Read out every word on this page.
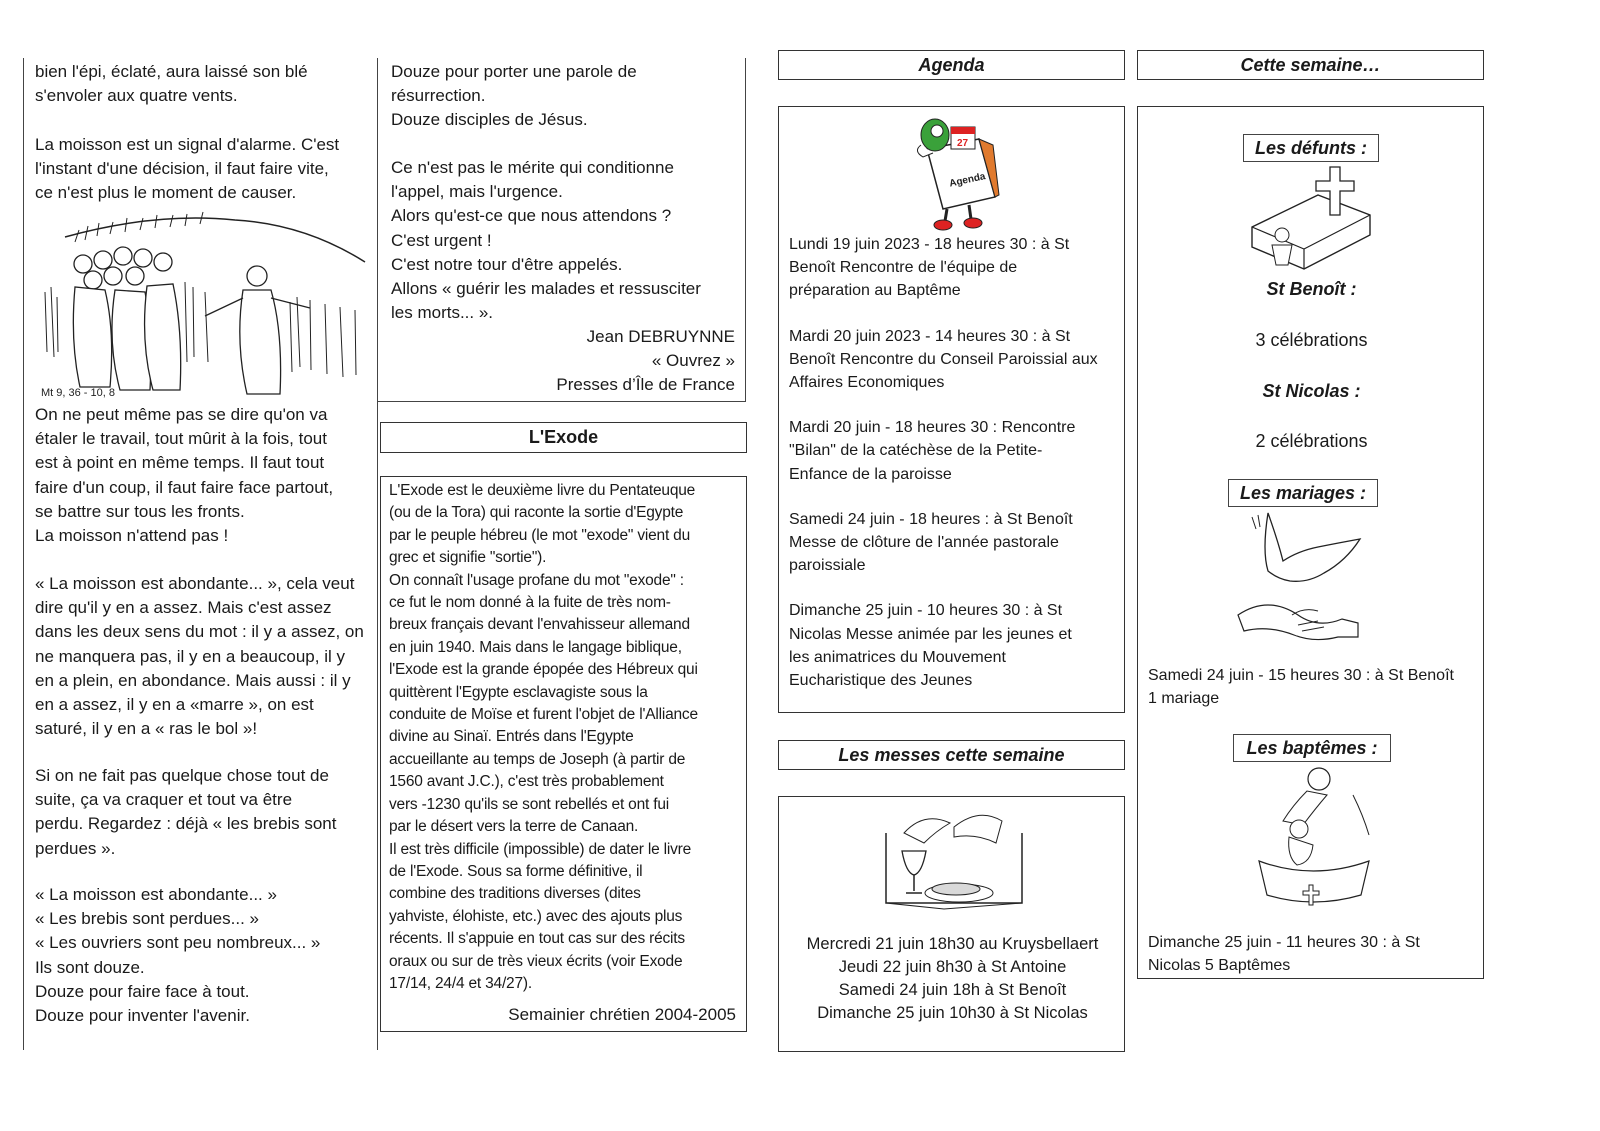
bien l'épi, éclaté, aura laissé son blé
s'envoler aux quatre vents.
La moisson est un signal d'alarme. C'est
l'instant d'une décision, il faut faire vite,
ce n'est plus le moment de causer.
Mt 9, 36 - 10, 8
On ne peut même pas se dire qu'on va
étaler le travail, tout mûrit à la fois, tout
est à point en même temps. Il faut tout
faire d'un coup, il faut faire face partout,
se battre sur tous les fronts.
La moisson n'attend pas !
« La moisson est abondante... », cela veut
dire qu'il y en a assez. Mais c'est assez
dans les deux sens du mot : il y a assez, on
ne manquera pas, il y en a beaucoup, il y
en a plein, en abondance. Mais aussi : il y
en a assez, il y en a «marre », on est
saturé, il y en a « ras le bol »!
Si on ne fait pas quelque chose tout de
suite, ça va craquer et tout va être
perdu. Regardez : déjà « les brebis sont
perdues ».
« La moisson est abondante... »
« Les brebis sont perdues... »
« Les ouvriers sont peu nombreux... »
Ils sont douze.
Douze pour faire face à tout.
Douze pour inventer l'avenir.
Douze pour porter une parole de
résurrection.
Douze disciples de Jésus.
Ce n'est pas le mérite qui conditionne
l'appel, mais l'urgence.
Alors qu'est-ce que nous attendons ?
C'est urgent !
C'est notre tour d'être appelés.
Allons « guérir les malades et ressusciter
les morts... ».
Jean DEBRUYNNE
« Ouvrez »
Presses d’Île de France
L'Exode
L'Exode est le deuxième livre du Pentateuque
(ou de la Tora) qui raconte la sortie d'Egypte
par le peuple hébreu (le mot "exode" vient du
grec et signifie "sortie").
On connaît l'usage profane du mot "exode" :
ce fut le nom donné à la fuite de très nom-
breux français devant l'envahisseur allemand
en juin 1940. Mais dans le langage biblique,
l'Exode est la grande épopée des Hébreux qui
quittèrent l'Egypte esclavagiste sous la
conduite de Moïse et furent l'objet de l'Alliance
divine au Sinaï. Entrés dans l'Egypte
accueillante au temps de Joseph (à partir de
1560 avant J.C.), c'est très probablement
vers -1230 qu'ils se sont rebellés et ont fui
par le désert vers la terre de Canaan.
Il est très difficile (impossible) de dater le livre
de l'Exode. Sous sa forme définitive, il
combine des traditions diverses (dites
yahviste, élohiste, etc.) avec des ajouts plus
récents. Il s'appuie en tout cas sur des récits
oraux ou sur de très vieux écrits (voir Exode
17/14, 24/4 et 34/27).
Semainier chrétien 2004-2005
Agenda
27
Agenda
Lundi 19 juin 2023 - 18 heures 30 : à St
Benoît Rencontre de l'équipe de
préparation au Baptême
Mardi 20 juin 2023 - 14 heures 30 : à St
Benoît Rencontre du Conseil Paroissial aux
Affaires Economiques
Mardi 20 juin - 18 heures 30 : Rencontre
"Bilan" de la catéchèse de la Petite-
Enfance de la paroisse
Samedi 24 juin - 18 heures : à St Benoît
Messe de clôture de l'année pastorale
paroissiale
Dimanche 25 juin - 10 heures 30 : à St
Nicolas Messe animée par les jeunes et
les animatrices du Mouvement
Eucharistique des Jeunes
Les messes cette semaine
Mercredi 21 juin 18h30 au Kruysbellaert
Jeudi 22 juin 8h30 à St Antoine
Samedi 24 juin 18h à St Benoît
Dimanche 25 juin 10h30 à St Nicolas
Cette semaine…
Les défunts :
St Benoît :
3 célébrations
St Nicolas :
2 célébrations
Les mariages :
Samedi 24 juin - 15 heures 30 : à St Benoît
1 mariage
Les baptêmes :
Dimanche 25 juin - 11 heures 30 : à St
Nicolas 5 Baptêmes
